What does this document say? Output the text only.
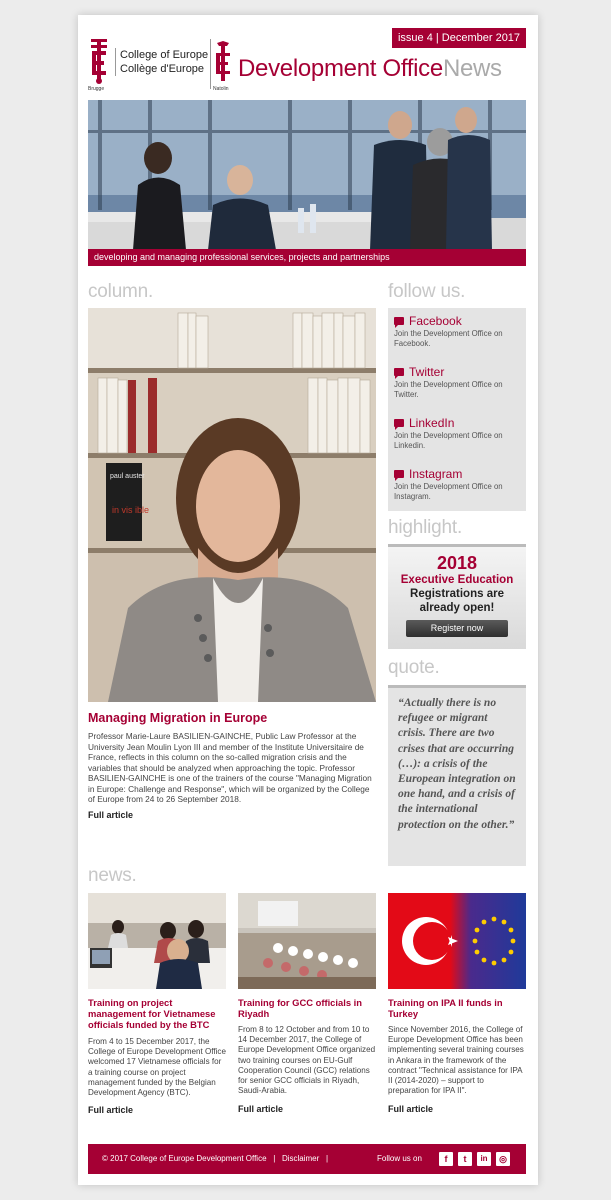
Brugge
College of Europe
Collège d'Europe
Natolin
issue 4 | December 2017
Development OfficeNews
developing and managing professional services, projects and partnerships
column.
paul auster
in vis ible
Managing Migration in Europe
Professor Marie-Laure BASILIEN-GAINCHE, Public Law Professor at the University Jean Moulin Lyon III and member of the Institute Universitaire de France, reflects in this column on the so-called migration crisis and the variables that should be analyzed when approaching the topic. Professor BASILIEN-GAINCHE is one of the trainers of the course "Managing Migration in Europe: Challenge and Response", which will be organized by the College of Europe from 24 to 26 September 2018.
Full article
follow us.
Facebook
Join the Development Office on Facebook.
Twitter
Join the Development Office on Twitter.
LinkedIn
Join the Development Office on Linkedin.
Instagram
Join the Development Office on Instagram.
highlight.
2018
Executive Education
Registrations are
already open!
Register now
quote.
“Actually there is no refugee or migrant crisis. There are two crises that are occurring (…): a crisis of the European integration on one hand, and a crisis of the international protection on the other.”
news.
Training on project management for Vietnamese officials funded by the BTC
From 4 to 15 December 2017, the College of Europe Development Office welcomed 17 Vietnamese officials for a training course on project management funded by the Belgian Development Agency (BTC).
Full article
Training for GCC officials in Riyadh
From 8 to 12 October and from 10 to 14 December 2017, the College of Europe Development Office organized two training courses on EU-Gulf Cooperation Council (GCC) relations for senior GCC officials in Riyadh, Saudi-Arabia.
Full article
Training on IPA II funds in Turkey
Since November 2016, the College of Europe Development Office has been implementing several training courses in Ankara in the framework of the contract "Technical assistance for IPA II (2014-2020) – support to preparation for IPA II".
Full article
© 2017 College of Europe Development Office | Disclaimer |	Follow us on	f	t	in	◎
